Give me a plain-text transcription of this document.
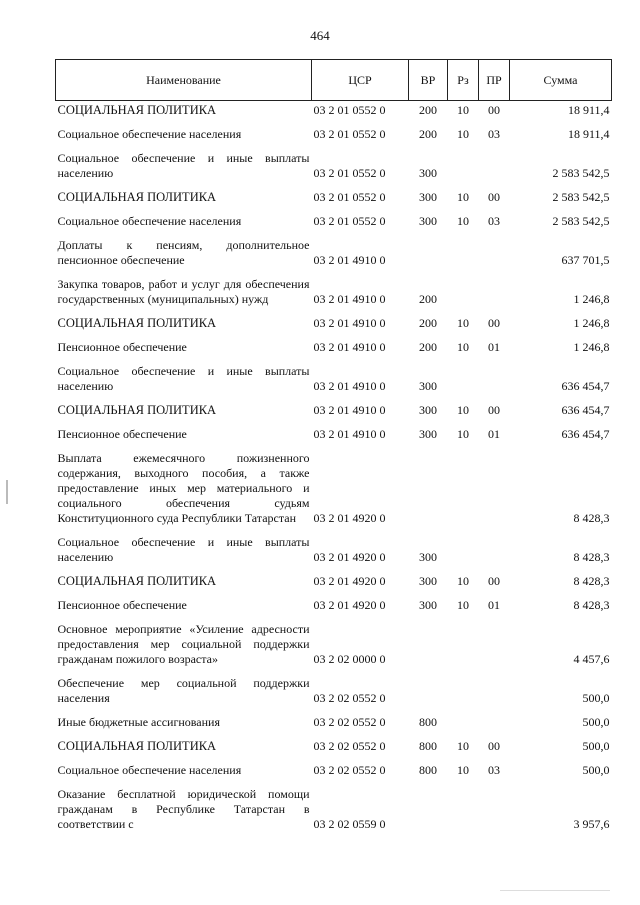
464
Наименование	ЦСР	ВР	Рз	ПР	Сумма
СОЦИАЛЬНАЯ ПОЛИТИКА	03 2 01 0552 0	200	10	00	18 911,4
Социальное обеспечение населения	03 2 01 0552 0	200	10	03	18 911,4
Социальное обеспечение и иные выплаты населению	03 2 01 0552 0	300			2 583 542,5
СОЦИАЛЬНАЯ ПОЛИТИКА	03 2 01 0552 0	300	10	00	2 583 542,5
Социальное обеспечение населения	03 2 01 0552 0	300	10	03	2 583 542,5
Доплаты к пенсиям, дополнительное пенсионное обеспечение	03 2 01 4910 0				637 701,5
Закупка товаров, работ и услуг для обеспечения государственных (муниципальных) нужд	03 2 01 4910 0	200			1 246,8
СОЦИАЛЬНАЯ ПОЛИТИКА	03 2 01 4910 0	200	10	00	1 246,8
Пенсионное обеспечение	03 2 01 4910 0	200	10	01	1 246,8
Социальное обеспечение и иные выплаты населению	03 2 01 4910 0	300			636 454,7
СОЦИАЛЬНАЯ ПОЛИТИКА	03 2 01 4910 0	300	10	00	636 454,7
Пенсионное обеспечение	03 2 01 4910 0	300	10	01	636 454,7
Выплата ежемесячного пожизненного содержания, выходного пособия, а также предоставление иных мер материального и социального обеспечения судьям Конституционного суда Республики Татарстан	03 2 01 4920 0				8 428,3
Социальное обеспечение и иные выплаты населению	03 2 01 4920 0	300			8 428,3
СОЦИАЛЬНАЯ ПОЛИТИКА	03 2 01 4920 0	300	10	00	8 428,3
Пенсионное обеспечение	03 2 01 4920 0	300	10	01	8 428,3
Основное мероприятие «Усиление адресности предоставления мер социальной поддержки гражданам пожилого возраста»	03 2 02 0000 0				4 457,6
Обеспечение мер социальной поддержки населения	03 2 02 0552 0				500,0
Иные бюджетные ассигнования	03 2 02 0552 0	800			500,0
СОЦИАЛЬНАЯ ПОЛИТИКА	03 2 02 0552 0	800	10	00	500,0
Социальное обеспечение населения	03 2 02 0552 0	800	10	03	500,0
Оказание бесплатной юридической помощи гражданам в Республике Татарстан в соответствии с	03 2 02 0559 0				3 957,6
